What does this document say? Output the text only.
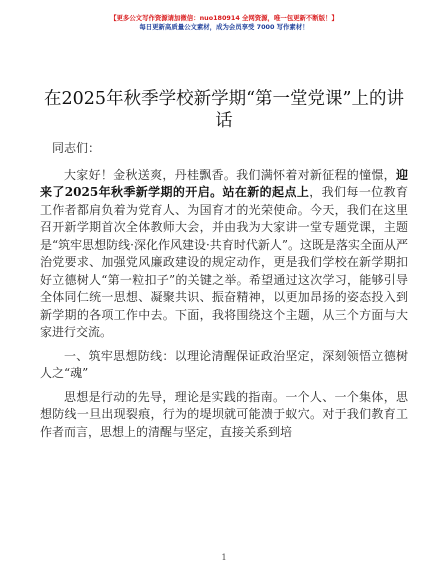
【更多公文写作资源请加微信：nuo180914 全网资源，唯一包更新不断版！】
每日更新高质量公文素材，成为会员享受 7000 写作素材！
在2025年秋季学校新学期“第一堂党课”上的讲话

同志们：

大家好！金秋送爽，丹桂飘香。我们满怀着对新征程的憧憬，迎来了2025年秋季新学期的开启。站在新的起点上，我们每一位教育工作者都肩负着为党育人、为国育才的光荣使命。今天，我们在这里召开新学期首次全体教师大会，并由我为大家讲一堂专题党课，主题是“筑牢思想防线·深化作风建设·共育时代新人”。这既是落实全面从严治党要求、加强党风廉政建设的规定动作，更是我们学校在新学期扣好立德树人“第一粒扣子”的关键之举。希望通过这次学习，能够引导全体同仁统一思想、凝聚共识、振奋精神，以更加昂扬的姿态投入到新学期的各项工作中去。下面，我将围绕这个主题，从三个方面与大家进行交流。

一、筑牢思想防线：以理论清醒保证政治坚定，深刻领悟立德树人之“魂”

思想是行动的先导，理论是实践的指南。一个人、一个集体，思想防线一旦出现裂痕，行为的堤坝就可能溃于蚁穴。对于我们教育工作者而言，思想上的清醒与坚定，直接关系到培

1
